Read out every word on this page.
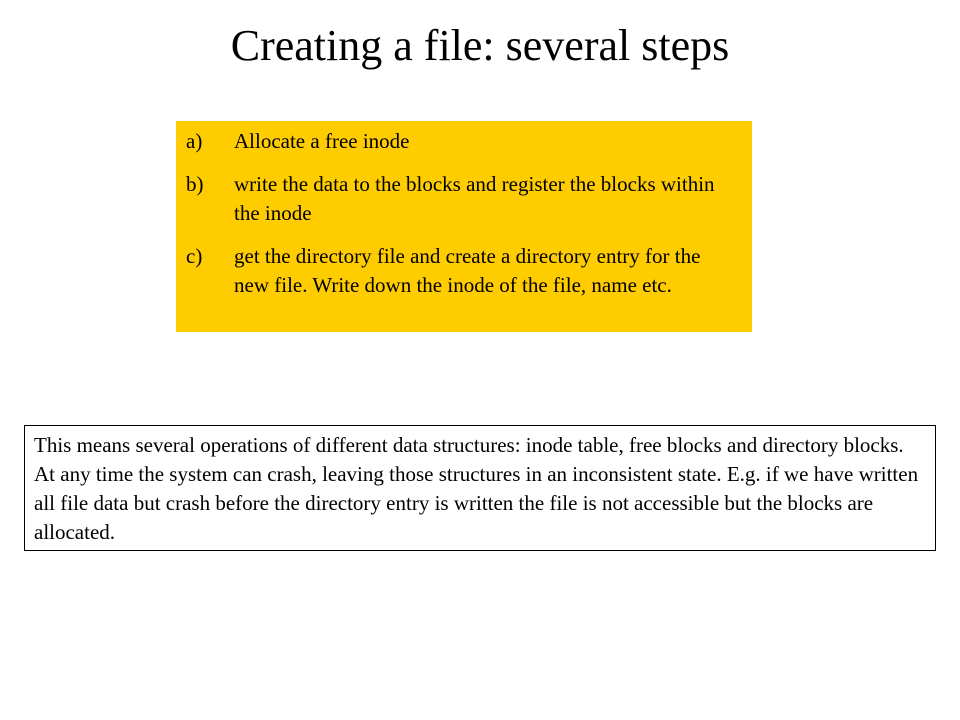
Creating a file: several steps
a)	Allocate a free inode
b)	write the data to the blocks and register the blocks within the inode
c)	get the directory file and create a directory entry for the new file. Write down the inode of the file, name etc.
This means several operations of different data structures: inode table, free blocks and directory blocks. At any time the system can crash, leaving those structures in an inconsistent state. E.g. if we have written all file data but crash before the directory entry is written the file is not accessible but the blocks are allocated.
